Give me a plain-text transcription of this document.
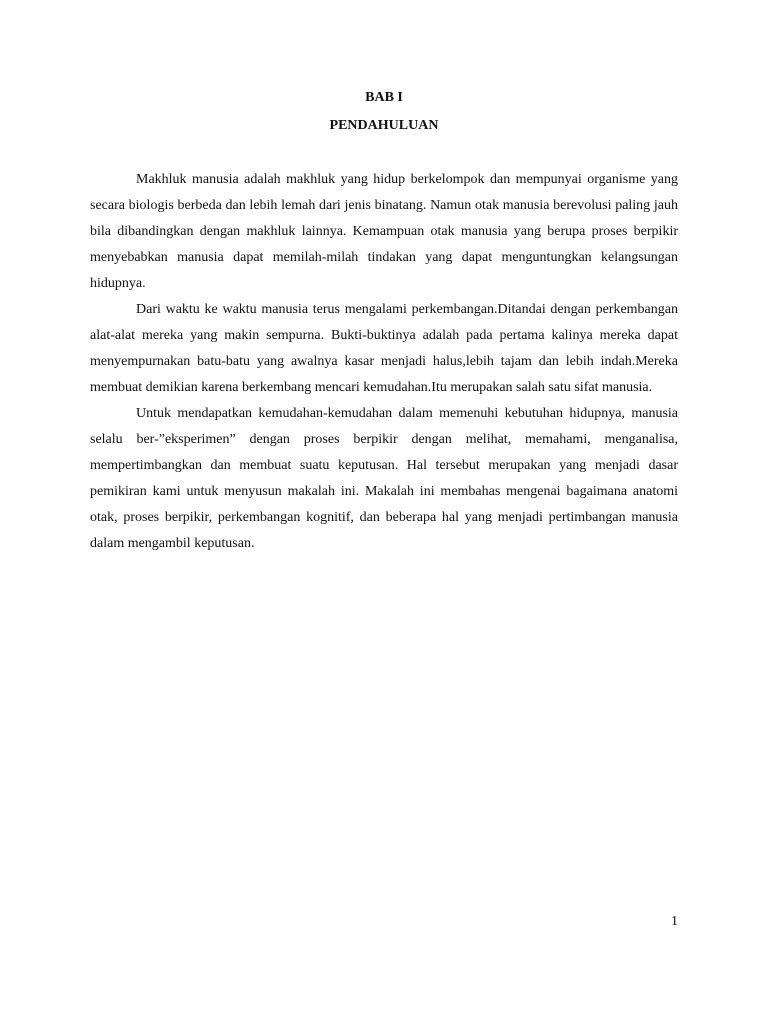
BAB I
PENDAHULUAN

Makhluk manusia adalah makhluk yang hidup berkelompok dan mempunyai organisme yang secara biologis berbeda dan lebih lemah dari jenis binatang. Namun otak manusia berevolusi paling jauh bila dibandingkan dengan makhluk lainnya. Kemampuan otak manusia yang berupa proses berpikir menyebabkan manusia dapat memilah-milah tindakan yang dapat menguntungkan kelangsungan hidupnya.

Dari waktu ke waktu manusia terus mengalami perkembangan.Ditandai dengan perkembangan alat-alat mereka yang makin sempurna. Bukti-buktinya adalah pada pertama kalinya mereka dapat menyempurnakan batu-batu yang awalnya kasar menjadi halus,lebih tajam dan lebih indah.Mereka membuat demikian karena berkembang mencari kemudahan.Itu merupakan salah satu sifat manusia.

Untuk mendapatkan kemudahan-kemudahan dalam memenuhi kebutuhan hidupnya, manusia selalu ber-”eksperimen” dengan proses berpikir dengan melihat, memahami, menganalisa, mempertimbangkan dan membuat suatu keputusan. Hal tersebut merupakan yang menjadi dasar pemikiran kami untuk menyusun makalah ini. Makalah ini membahas mengenai bagaimana anatomi otak, proses berpikir, perkembangan kognitif, dan beberapa hal yang menjadi pertimbangan manusia dalam mengambil keputusan.

1
